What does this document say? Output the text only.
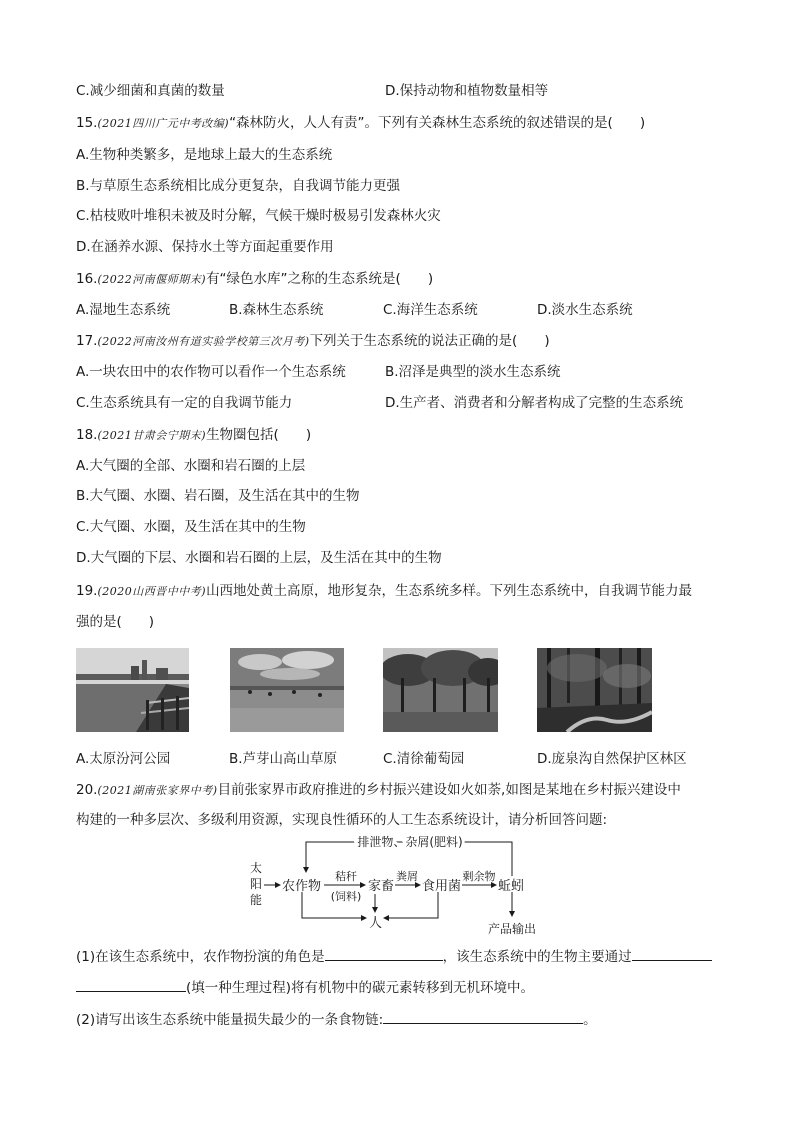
C.减少细菌和真菌的数量	D.保持动物和植物数量相等
15.(2021四川广元中考改编)“森林防火，人人有责”。下列有关森林生态系统的叙述错误的是(　　)
A.生物种类繁多，是地球上最大的生态系统
B.与草原生态系统相比成分更复杂，自我调节能力更强
C.枯枝败叶堆积未被及时分解，气候干燥时极易引发森林火灾
D.在涵养水源、保持水土等方面起重要作用
16.(2022河南偃师期末)有“绿色水库”之称的生态系统是(　　)
A.湿地生态系统	B.森林生态系统	C.海洋生态系统	D.淡水生态系统
17.(2022河南汝州有道实验学校第三次月考)下列关于生态系统的说法正确的是(　　)
A.一块农田中的农作物可以看作一个生态系统	B.沼泽是典型的淡水生态系统
C.生态系统具有一定的自我调节能力	D.生产者、消费者和分解者构成了完整的生态系统
18.(2021甘肃会宁期末)生物圈包括(　　)
A.大气圈的全部、水圈和岩石圈的上层
B.大气圈、水圈、岩石圈，及生活在其中的生物
C.大气圈、水圈，及生活在其中的生物
D.大气圈的下层、水圈和岩石圈的上层，及生活在其中的生物
19.(2020山西晋中中考)山西地处黄土高原，地形复杂，生态系统多样。下列生态系统中，自我调节能力最
强的是(　　)
A.太原汾河公园	B.芦芽山高山草原	C.清徐葡萄园	D.庞泉沟自然保护区林区
20.(2021湖南张家界中考)目前张家界市政府推进的乡村振兴建设如火如荼,如图是某地在乡村振兴建设中
构建的一种多层次、多级利用资源，实现良性循环的人工生态系统设计，请分析回答问题:
排泄物、杂屑(肥料)
太
阳
能
农作物	家畜 食用菌	蚯蚓
人
秸秆
(饲料)
粪屑	剩余物
产品输出
(1)在该生态系统中，农作物扮演的角色是	，该生态系统中的生物主要通过
(填一种生理过程)将有机物中的碳元素转移到无机环境中。
(2)请写出该生态系统中能量损失最少的一条食物链:	。
